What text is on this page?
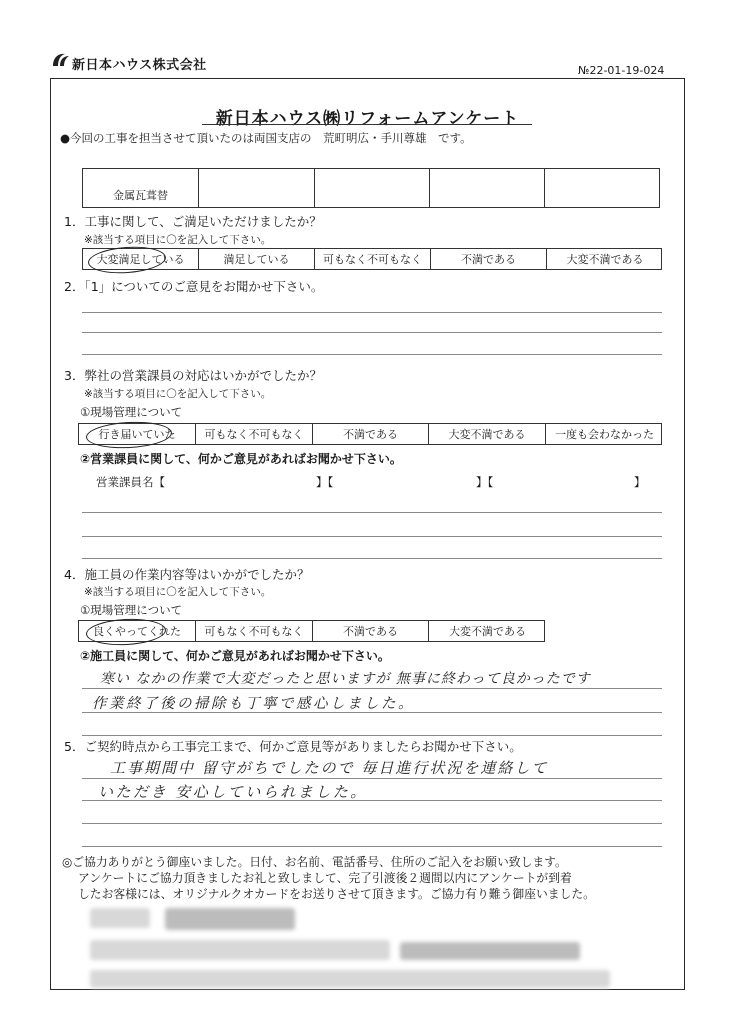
新日本ハウス株式会社	№22-01-19-024
新日本ハウス㈱リフォームアンケート
●今回の工事を担当させて頂いたのは両国支店の　荒町明広・手川尊雄　です。
金属瓦葺替
1．工事に関して、ご満足いただけましたか？
※該当する項目に〇を記入して下さい。
大変満足している	満足している	可もなく不可もなく	不満である	大変不満である
2．「1」についてのご意見をお聞かせ下さい。
3．弊社の営業課員の対応はいかがでしたか？
※該当する項目に〇を記入して下さい。
①現場管理について
行き届いていた	可もなく不可もなく	不満である	大変不満である	一度も会わなかった
②営業課員に関して、何かご意見があればお聞かせ下さい。
営業課員名【	】【	】【	】
4．施工員の作業内容等はいかがでしたか？
※該当する項目に〇を記入して下さい。
①現場管理について
良くやってくれた	可もなく不可もなく	不満である	大変不満である
②施工員に関して、何かご意見があればお聞かせ下さい。
寒い なかの作業で大変だったと思いますが 無事に終わって良かったです
作業終了後の掃除も丁寧で感心しました。
5．ご契約時点から工事完工まで、何かご意見等がありましたらお聞かせ下さい。
工事期間中 留守がちでしたので 毎日進行状況を連絡して
いただき 安心していられました。
◎ご協力ありがとう御座いました。日付、お名前、電話番号、住所のご記入をお願い致します。
アンケートにご協力頂きましたお礼と致しまして、完了引渡後２週間以内にアンケートが到着
したお客様には、オリジナルクオカードをお送りさせて頂きます。ご協力有り難う御座いました。
